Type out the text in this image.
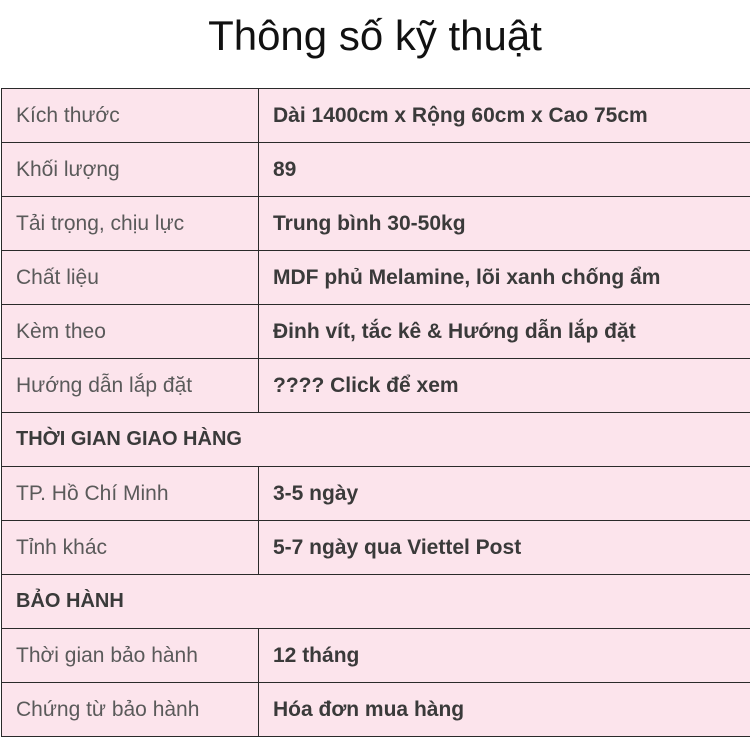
Thông số kỹ thuật
Kích thước	Dài 1400cm x Rộng 60cm x Cao 75cm
Khối lượng	89
Tải trọng, chịu lực	Trung bình 30-50kg
Chất liệu	MDF phủ Melamine, lõi xanh chống ẩm
Kèm theo	Đinh vít, tắc kê & Hướng dẫn lắp đặt
Hướng dẫn lắp đặt	???? Click để xem
THỜI GIAN GIAO HÀNG	
TP. Hồ Chí Minh	3-5 ngày
Tỉnh khác	5-7 ngày qua Viettel Post
BẢO HÀNH	
Thời gian bảo hành	12 tháng
Chứng từ bảo hành	Hóa đơn mua hàng
